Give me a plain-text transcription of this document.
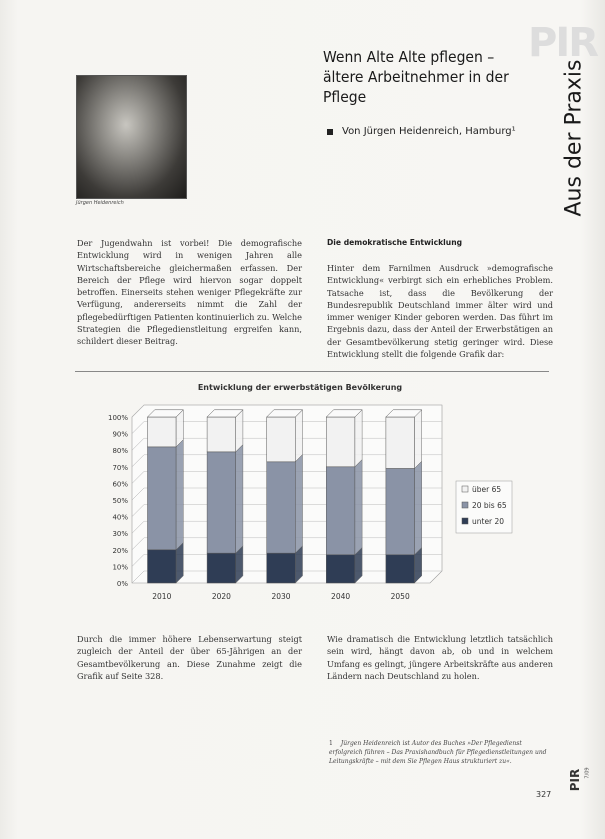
PIR
Jürgen Heidenreich
Wenn Alte Alte pflegen – ältere Arbeitnehmer in der Pflege
Von Jürgen Heidenreich, Hamburg¹ Aus der Praxis

Der Jugendwahn ist vorbei! Die demografische Entwicklung wird in wenigen Jahren alle Wirtschaftsbereiche gleichermaßen erfassen. Der Bereich der Pflege wird hiervon sogar doppelt betroffen. Einerseits stehen weniger Pflegekräfte zur Verfügung, andererseits nimmt die Zahl der pflegebedürftigen Patienten kontinuierlich zu. Welche Strategien die Pflegedienstleitung ergreifen kann, schildert dieser Beitrag.

Die demokratische Entwicklung

Hinter dem Farnilmen Ausdruck »demografische Entwicklung« verbirgt sich ein erhebliches Problem. Tatsache ist, dass die Bevölkerung der Bundesrepublik Deutschland immer älter wird und immer weniger Kinder geboren werden. Das führt im Ergebnis dazu, dass der Anteil der Erwerbstätigen an der Gesamtbevölkerung stetig geringer wird. Diese Entwicklung stellt die folgende Grafik dar:

Entwicklung der erwerbstätigen Bevölkerung
0%
10%
20%
30%
40%
50%
60%
70%
80%
90%
100%
2010	2020	2030	2040	2050
über 65
20 bis 65
unter 20

Durch die immer höhere Lebenserwartung steigt zugleich der Anteil der über 65-Jährigen an der Gesamtbevölkerung an. Diese Zunahme zeigt die Grafik auf Seite 328.

Wie dramatisch die Entwicklung letztlich tatsächlich sein wird, hängt davon ab, ob und in welchem Umfang es gelingt, jüngere Arbeitskräfte aus anderen Ländern nach Deutschland zu holen.

1 Jürgen Heidenreich ist Autor des Buches »Der Pflegedienst erfolgreich führen – Das Praxishandbuch für Pflegedienstleitungen und Leitungskräfte – mit dem Sie Pflegen Haus strukturiert zu«.
327
PIR 7/09
